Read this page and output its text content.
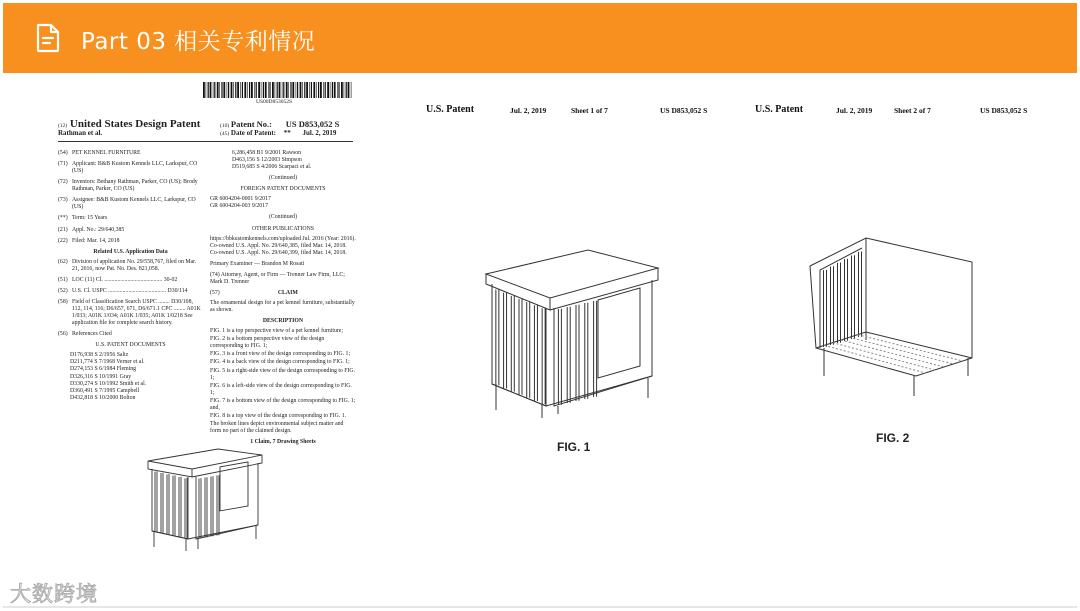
Part 03 相关专利情况
US00D853052S
(12) United States Design Patent
Rathman et al.
(10) Patent No.: US D853,052 S
(45) Date of Patent: ** Jul. 2, 2019

(54) PET KENNEL FURNITURE

(71) Applicant: B&B Kustom Kennels LLC, Larkspur, CO (US)

(72) Inventors: Bethany Rathman, Parker, CO (US); Brody Rathman, Parker, CO (US)

(73) Assignee: B&B Kustom Kennels LLC, Larkspur, CO (US)

(**) Term: 15 Years

(21) Appl. No.: 29/640,385

(22) Filed: Mar. 14, 2018

Related U.S. Application Data

(62) Division of application No. 29/558,767, filed on Mar. 21, 2016, now Pat. No. Des. 821,058.

(51) LOC (11) Cl. ........................................ 30-02

(52) U.S. Cl. USPC ........................................ D30/114

(58) Field of Classification Search USPC ........ D30/108, 112, 114, 116; D6/657, 671, D6/671.1 CPC ........ A01K 1/033; A01K 1/034; A01K 1/035; A01K 1/0218 See application file for complete search history.

(56) References Cited

U.S. PATENT DOCUMENTS

D176,938 S 2/1956 Saltz

D211,774 S 7/1968 Verner et al.

D274,153 S 6/1984 Fleming

D326,316 S 10/1991 Gray

D330,274 S 10/1992 Smith et al.

D360,491 S 7/1995 Campbell

D432,818 S 10/2000 Bolton

6,286,458 B1 9/2001 Rawson

D463,156 S 12/2003 Simpson

D519,685 S 4/2006 Scarpaci et al.

(Continued)
FOREIGN PATENT DOCUMENTS

GR 6004204-0001 9/2017

GR 6004204-003 9/2017

(Continued)
OTHER PUBLICATIONS

https://bbkustomkennels.com/uploaded Jul. 2016 (Year: 2016). Co-owned U.S. Appl. No. 29/640,385, filed Mar. 14, 2018. Co-owned U.S. Appl. No. 29/640,399, filed Mar. 14, 2018.

Primary Examiner — Brandon M Rosati

(74) Attorney, Agent, or Firm — Trenner Law Firm, LLC; Mark D. Trenner

(57)	CLAIM

The ornamental design for a pet kennel furniture, substantially as shown.

DESCRIPTION

FIG. 1 is a top perspective view of a pet kennel furniture;

FIG. 2 is a bottom perspective view of the design corresponding to FIG. 1;

FIG. 3 is a front view of the design corresponding to FIG. 1;

FIG. 4 is a back view of the design corresponding to FIG. 1;

FIG. 5 is a right-side view of the design corresponding to FIG. 1;

FIG. 6 is a left-side view of the design corresponding to FIG. 1;

FIG. 7 is a bottom view of the design corresponding to FIG. 1; and,

FIG. 8 is a top view of the design corresponding to FIG. 1.

The broken lines depict environmental subject matter and form no part of the claimed design.

1 Claim, 7 Drawing Sheets
U.S. Patent	Jul. 2, 2019	Sheet 1 of 7	US D853,052 S
FIG. 1
U.S. Patent	Jul. 2, 2019	Sheet 2 of 7	US D853,052 S
FIG. 2
大数跨境
